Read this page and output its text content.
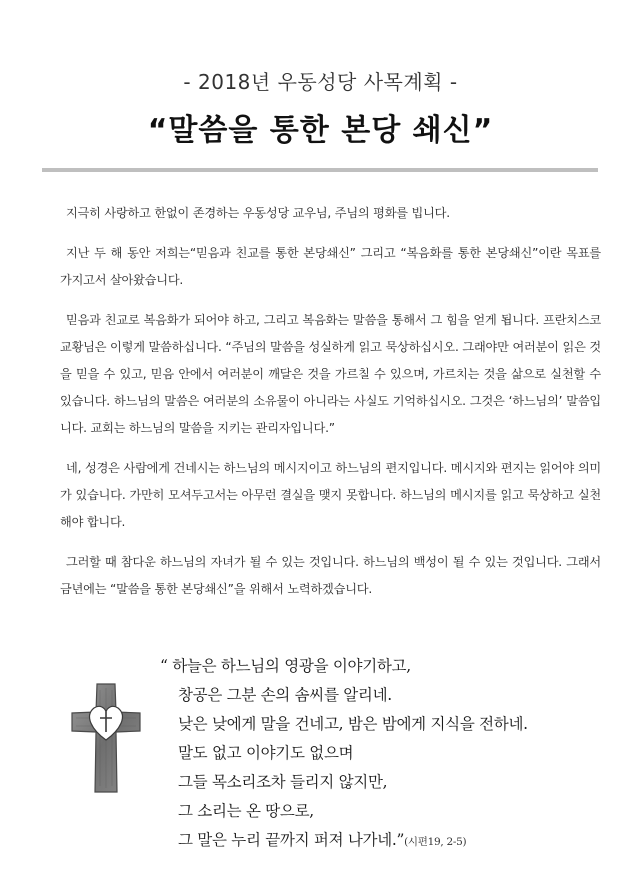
- 2018년 우동성당 사목계획 -
“말씀을 통한 본당 쇄신”

지극히 사랑하고 한없이 존경하는 우동성당 교우님, 주님의 평화를 빕니다.

지난 두 해 동안 저희는“믿음과 친교를 통한 본당쇄신” 그리고 “복음화를 통한 본당쇄신”이란 목표를 가지고서 살아왔습니다.

믿음과 친교로 복음화가 되어야 하고, 그리고 복음화는 말씀을 통해서 그 힘을 얻게 됩니다. 프란치스코 교황님은 이렇게 말씀하십니다. “주님의 말씀을 성실하게 읽고 묵상하십시오. 그래야만 여러분이 읽은 것을 믿을 수 있고, 믿음 안에서 여러분이 깨달은 것을 가르칠 수 있으며, 가르치는 것을 삶으로 실천할 수 있습니다. 하느님의 말씀은 여러분의 소유물이 아니라는 사실도 기억하십시오. 그것은 ‘하느님의’ 말씀입니다. 교회는 하느님의 말씀을 지키는 관리자입니다.”

네, 성경은 사람에게 건네시는 하느님의 메시지이고 하느님의 편지입니다. 메시지와 편지는 읽어야 의미가 있습니다. 가만히 모셔두고서는 아무런 결실을 맺지 못합니다. 하느님의 메시지를 읽고 묵상하고 실천해야 합니다.

그러할 때 참다운 하느님의 자녀가 될 수 있는 것입니다. 하느님의 백성이 될 수 있는 것입니다. 그래서 금년에는 “말씀을 통한 본당쇄신”을 위해서 노력하겠습니다.

“ 하늘은 하느님의 영광을 이야기하고,
창공은 그분 손의 솜씨를 알리네.
낮은 낮에게 말을 건네고, 밤은 밤에게 지식을 전하네.
말도 없고 이야기도 없으며
그들 목소리조차 들리지 않지만,
그 소리는 온 땅으로,
그 말은 누리 끝까지 퍼져 나가네.”(시편19, 2-5)
